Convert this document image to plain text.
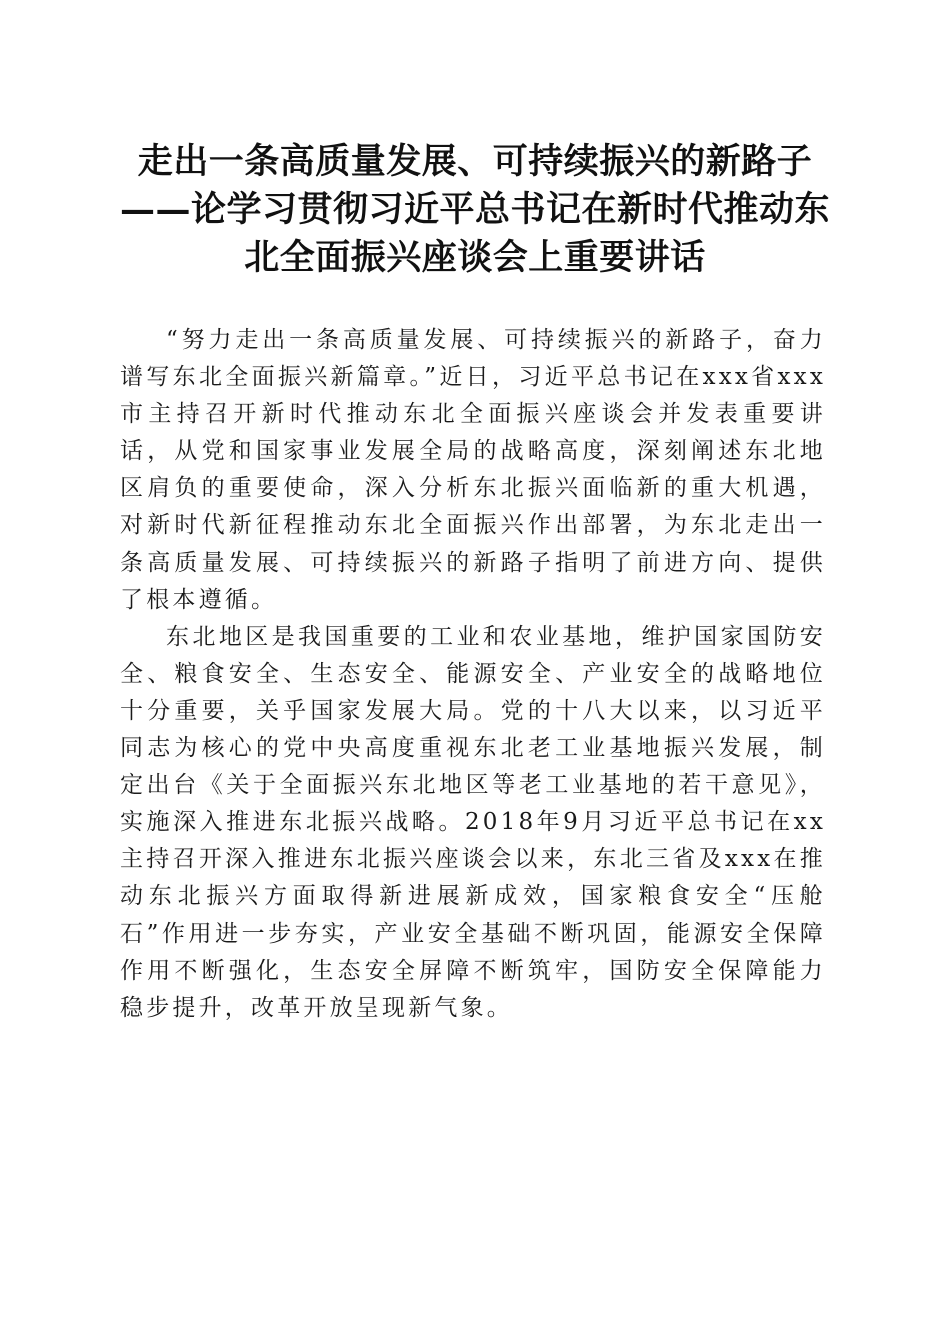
走出一条高质量发展、可持续振兴的新路子
——论学习贯彻习近平总书记在新时代推动东
北全面振兴座谈会上重要讲话

“努力走出一条高质量发展、可持续振兴的新路子，奋力谱写东北全面振兴新篇章。”近日，习近平总书记在xxx省xxx市主持召开新时代推动东北全面振兴座谈会并发表重要讲话，从党和国家事业发展全局的战略高度，深刻阐述东北地区肩负的重要使命，深入分析东北振兴面临新的重大机遇，对新时代新征程推动东北全面振兴作出部署，为东北走出一条高质量发展、可持续振兴的新路子指明了前进方向、提供了根本遵循。

东北地区是我国重要的工业和农业基地，维护国家国防安全、粮食安全、生态安全、能源安全、产业安全的战略地位十分重要，关乎国家发展大局。党的十八大以来，以习近平同志为核心的党中央高度重视东北老工业基地振兴发展，制定出台《关于全面振兴东北地区等老工业基地的若干意见》，实施深入推进东北振兴战略。2018年9月习近平总书记在xx主持召开深入推进东北振兴座谈会以来，东北三省及xxx在推动东北振兴方面取得新进展新成效，国家粮食安全“压舱石”作用进一步夯实，产业安全基础不断巩固，能源安全保障作用不断强化，生态安全屏障不断筑牢，国防安全保障能力稳步提升，改革开放呈现新气象。
